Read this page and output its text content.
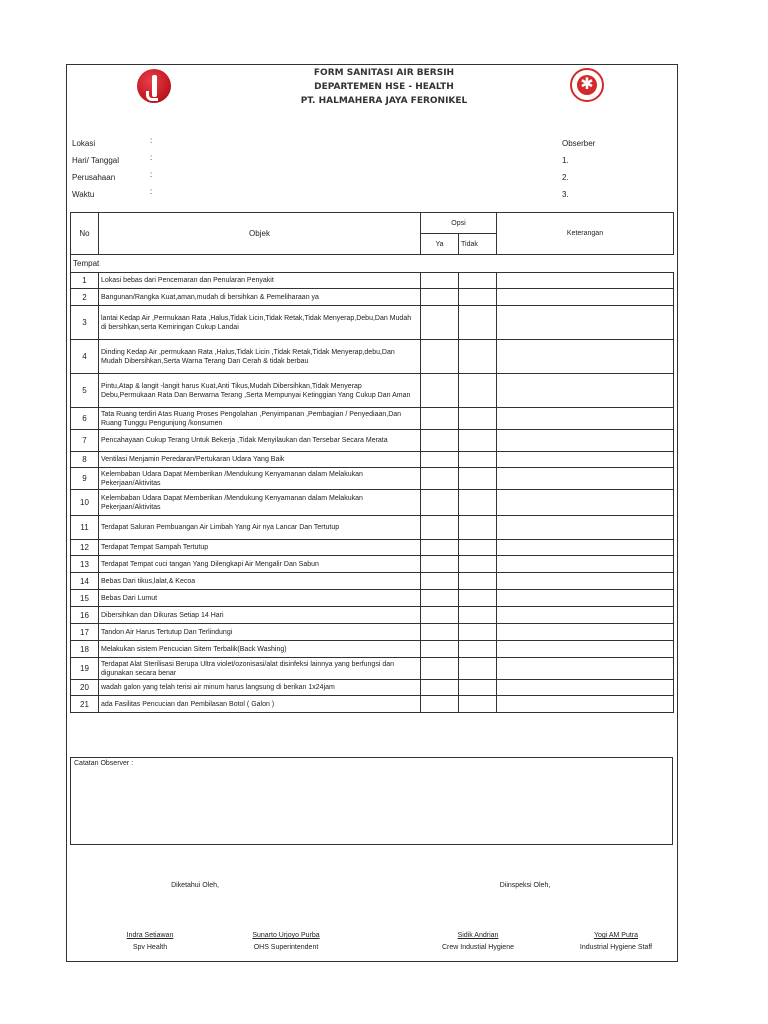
✱
FORM SANITASI AIR BERSIH
DEPARTEMEN HSE - HEALTH
PT. HALMAHERA JAYA FERONIKEL
Lokasi	:
Hari/ Tanggal	:
Perusahaan	:
Waktu	:
Obserber
1.
2.
3.
No	Objek	Opsi		Keterangan
		Ya	Tidak	
Tempat				
1	Lokasi bebas dari Pencemaran dan Penularan Penyakit			
2	Bangunan/Rangka Kuat,aman,mudah di bersihkan & Pemeliharaan ya			
3	lantai Kedap Air ,Permukaan Rata ,Halus,Tidak Licin,Tidak Retak,Tidak Menyerap,Debu,Dan Mudah di bersihkan,serta Kemiringan Cukup Landai			
4	Dinding Kedap Air ,permukaan Rata ,Halus,Tidak Licin ,Tidak Retak,Tidak Menyerap,debu,Dan Mudah Dibersihkan,Serta Warna Terang Dan Cerah & tidak berbau			
5	Pintu,Atap & langit -langit harus Kuat,Anti Tikus,Mudah Dibersihkan,Tidak Menyerap Debu,Permukaan Rata Dan Berwarna Terang ,Serta Mempunyai Ketinggian Yang Cukup Dan Aman			
6	Tata Ruang terdiri Atas Ruang Proses Pengolahan ,Penyimpanan ,Pembagian / Penyediaan,Dan Ruang Tunggu Pengunjung /konsumen			
7	Pencahayaan Cukup Terang Untuk Bekerja ,Tidak Menyilaukan dan Tersebar Secara Merata			
8	Ventilasi Menjamin Peredaran/Pertukaran Udara Yang Baik			
9	Kelembaban Udara Dapat Memberikan /Mendukung Kenyamanan dalam Melakukan Pekerjaan/Aktivitas			
10	Kelembaban Udara Dapat Memberikan /Mendukung Kenyamanan dalam Melakukan Pekerjaan/Aktivitas			
11	Terdapat Saluran Pembuangan Air Limbah Yang Air nya Lancar Dan Tertutup			
12	Terdapat Tempat Sampah Tertutup			
13	Terdapat Tempat cuci tangan Yang Dilengkapi Air Mengalir Dan Sabun			
14	Bebas Dari tikus,lalat,& Kecoa			
15	Bebas Dari Lumut			
16	Dibersihkan dan Dikuras Setiap 14 Hari			
17	Tandon Air Harus Tertutup Dan Terlindungi			
18	Melakukan sistem Pencucian Sitem Terbalik(Back Washing)			
19	Terdapat Alat Sterilisasi Berupa Ultra violet/ozonisasi/alat disinfeksi lainnya yang berfungsi dan digunakan secara benar			
20	wadah galon yang telah terisi air minum harus langsung di berikan 1x24jam			
21	ada Fasilitas Pencucian dan Pembilasan Botol ( Galon )			
Catatan Observer :
Diketahui Oleh,	Diinspeksi Oleh,
Indra Setiawan
Spv Health
Sunarto Urjoyo Purba
OHS Superintendent
Sidik Andrian
Crew Industial Hygiene
Yogi AM Putra
Industrial Hygiene Staff
